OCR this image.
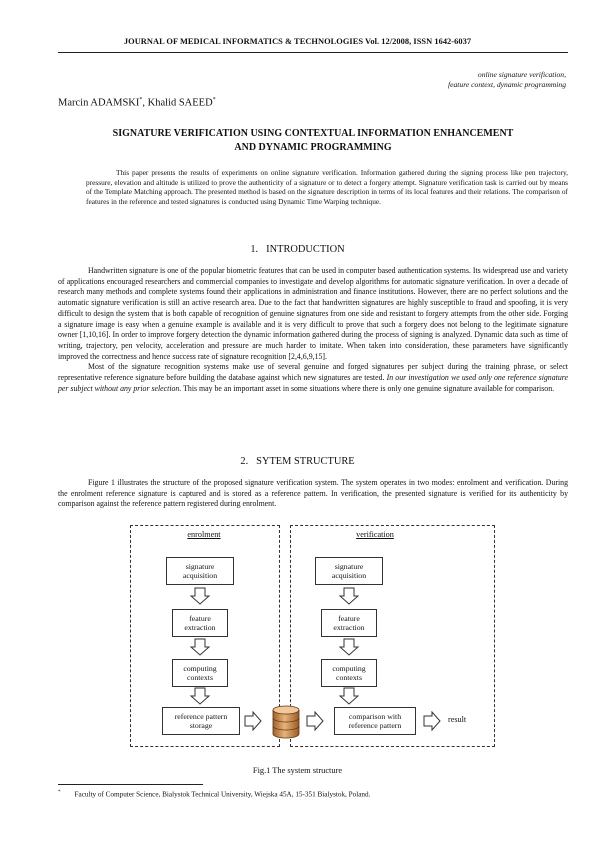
JOURNAL OF MEDICAL INFORMATICS & TECHNOLOGIES Vol. 12/2008, ISSN 1642-6037
online signature verification,
feature context, dynamic programming
Marcin ADAMSKI*, Khalid SAEED*
SIGNATURE VERIFICATION USING CONTEXTUAL INFORMATION ENHANCEMENT
AND DYNAMIC PROGRAMMING
This paper presents the results of experiments on online signature verification. Information gathered during the signing process like pen trajectory, pressure, elevation and altitude is utilized to prove the authenticity of a signature or to detect a forgery attempt. Signature verification task is carried out by means of the Template Matching approach. The presented method is based on the signature description in terms of its local features and their relations. The comparison of features in the reference and tested signatures is conducted using Dynamic Time Warping technique.
1. INTRODUCTION

Handwritten signature is one of the popular biometric features that can be used in computer based authentication systems. Its widespread use and variety of applications encouraged researchers and commercial companies to investigate and develop algorithms for automatic signature verification. In over a decade of research many methods and complete systems found their applications in administration and finance institutions. However, there are no perfect solutions and the automatic signature verification is still an active research area. Due to the fact that handwritten signatures are highly susceptible to fraud and spoofing, it is very difficult to design the system that is both capable of recognition of genuine signatures from one side and resistant to forgery attempts from the other side. Forging a signature image is easy when a genuine example is available and it is very difficult to prove that such a forgery does not belong to the legitimate signature owner [1,10,16]. In order to improve forgery detection the dynamic information gathered during the process of signing is analyzed. Dynamic data such as time of writing, trajectory, pen velocity, acceleration and pressure are much harder to imitate. When taken into consideration, these parameters have significantly improved the correctness and hence success rate of signature recognition [2,4,6,9,15].

Most of the signature recognition systems make use of several genuine and forged signatures per subject during the training phrase, or select representative reference signature before building the database against which new signatures are tested. In our investigation we used only one reference signature per subject without any prior selection. This may be an important asset in some situations where there is only one genuine signature available for comparison.

2. SYTEM STRUCTURE

Figure 1 illustrates the structure of the proposed signature verification system. The system operates in two modes: enrolment and verification. During the enrolment reference signature is captured and is stored as a reference pattern. In verification, the presented signature is verified for its authenticity by comparison against the reference pattern registered during enrolment.

enrolment	verification
signature
acquisition
feature
extraction
computing
contexts
reference pattern
storage
signature
acquisition
feature
extraction
computing
contexts
comparison with
reference pattern
result
Fig.1 The system structure
* Faculty of Computer Science, Bialystok Technical University, Wiejska 45A, 15-351 Bialystok, Poland.
